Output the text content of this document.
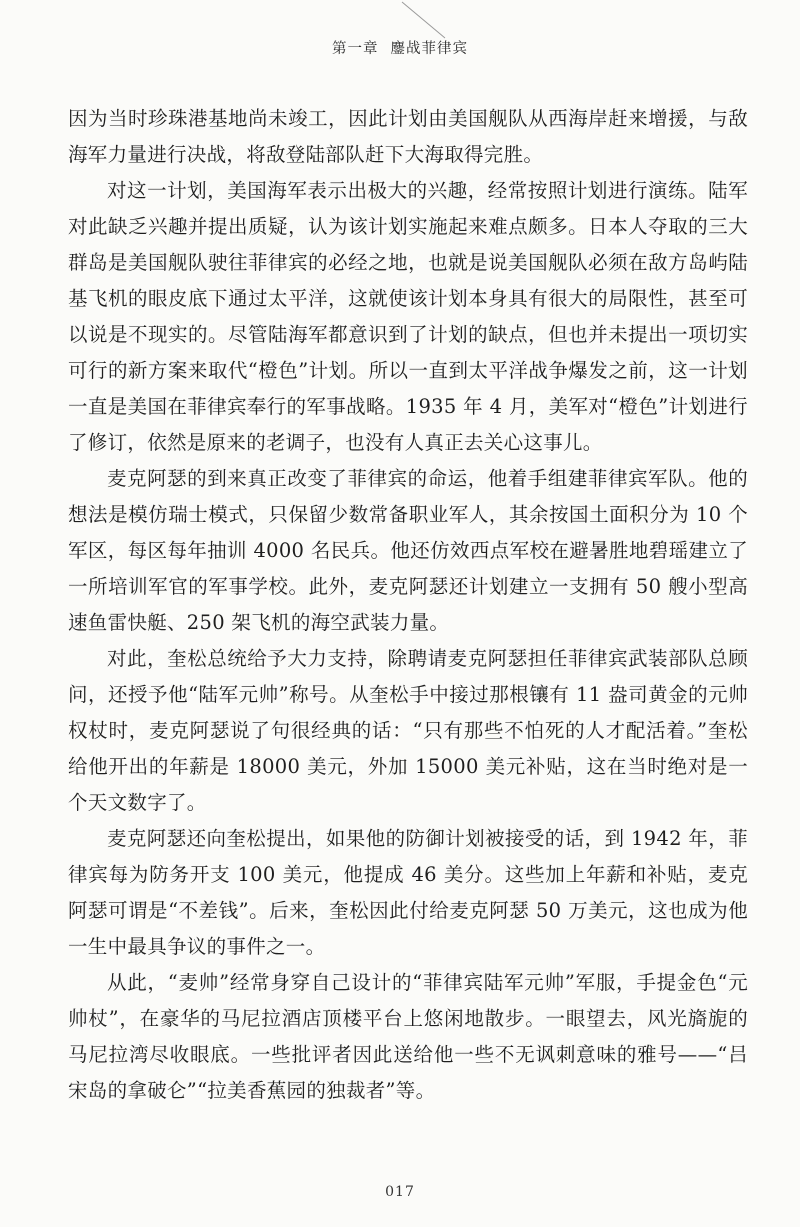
第一章 鏖战菲律宾

因为当时珍珠港基地尚未竣工，因此计划由美国舰队从西海岸赶来增援，与敌海军力量进行决战，将敌登陆部队赶下大海取得完胜。

对这一计划，美国海军表示出极大的兴趣，经常按照计划进行演练。陆军对此缺乏兴趣并提出质疑，认为该计划实施起来难点颇多。日本人夺取的三大群岛是美国舰队驶往菲律宾的必经之地，也就是说美国舰队必须在敌方岛屿陆基飞机的眼皮底下通过太平洋，这就使该计划本身具有很大的局限性，甚至可以说是不现实的。尽管陆海军都意识到了计划的缺点，但也并未提出一项切实可行的新方案来取代“橙色”计划。所以一直到太平洋战争爆发之前，这一计划一直是美国在菲律宾奉行的军事战略。1935 年 4 月，美军对“橙色”计划进行了修订，依然是原来的老调子，也没有人真正去关心这事儿。

麦克阿瑟的到来真正改变了菲律宾的命运，他着手组建菲律宾军队。他的想法是模仿瑞士模式，只保留少数常备职业军人，其余按国土面积分为 10 个军区，每区每年抽训 4000 名民兵。他还仿效西点军校在避暑胜地碧瑶建立了一所培训军官的军事学校。此外，麦克阿瑟还计划建立一支拥有 50 艘小型高速鱼雷快艇、250 架飞机的海空武装力量。

对此，奎松总统给予大力支持，除聘请麦克阿瑟担任菲律宾武装部队总顾问，还授予他“陆军元帅”称号。从奎松手中接过那根镶有 11 盎司黄金的元帅权杖时，麦克阿瑟说了句很经典的话：“只有那些不怕死的人才配活着。”奎松给他开出的年薪是 18000 美元，外加 15000 美元补贴，这在当时绝对是一个天文数字了。

麦克阿瑟还向奎松提出，如果他的防御计划被接受的话，到 1942 年，菲律宾每为防务开支 100 美元，他提成 46 美分。这些加上年薪和补贴，麦克阿瑟可谓是“不差钱”。后来，奎松因此付给麦克阿瑟 50 万美元，这也成为他一生中最具争议的事件之一。

从此，“麦帅”经常身穿自己设计的“菲律宾陆军元帅”军服，手提金色“元帅杖”，在豪华的马尼拉酒店顶楼平台上悠闲地散步。一眼望去，风光旖旎的马尼拉湾尽收眼底。一些批评者因此送给他一些不无讽刺意味的雅号——“吕宋岛的拿破仑”“拉美香蕉园的独裁者”等。

017
